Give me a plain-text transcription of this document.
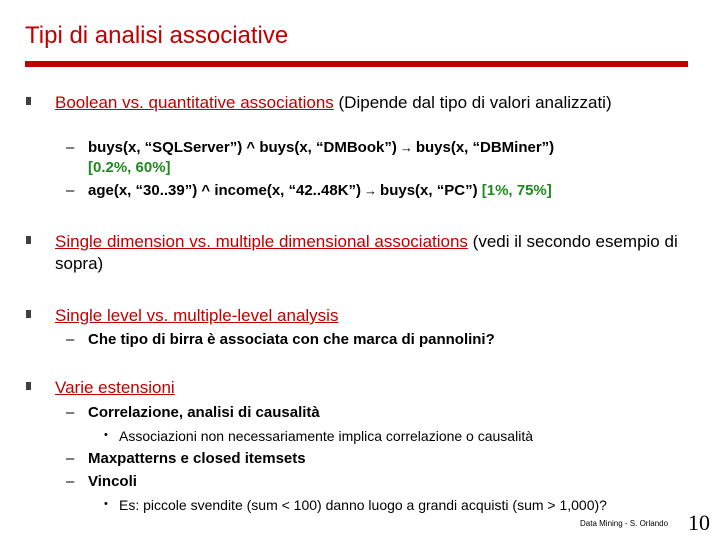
Tipi di analisi associative
Boolean vs. quantitative associations (Dipende dal tipo di valori analizzati)
– buys(x, “SQLServer”) ^ buys(x, “DMBook”) → buys(x, “DBMiner”)
[0.2%, 60%]
– age(x, “30..39”) ^ income(x, “42..48K”) → buys(x, “PC”) [1%, 75%]
Single dimension vs. multiple dimensional associations (vedi il secondo esempio di sopra)
Single level vs. multiple-level analysis
– Che tipo di birra è associata con che marca di pannolini?
Varie estensioni
– Correlazione, analisi di causalità
• Associazioni non necessariamente implica correlazione o causalità
– Maxpatterns e closed itemsets
– Vincoli
• Es: piccole svendite (sum < 100) danno luogo a grandi acquisti (sum > 1,000)?
Data Mining - S. Orlando 10
